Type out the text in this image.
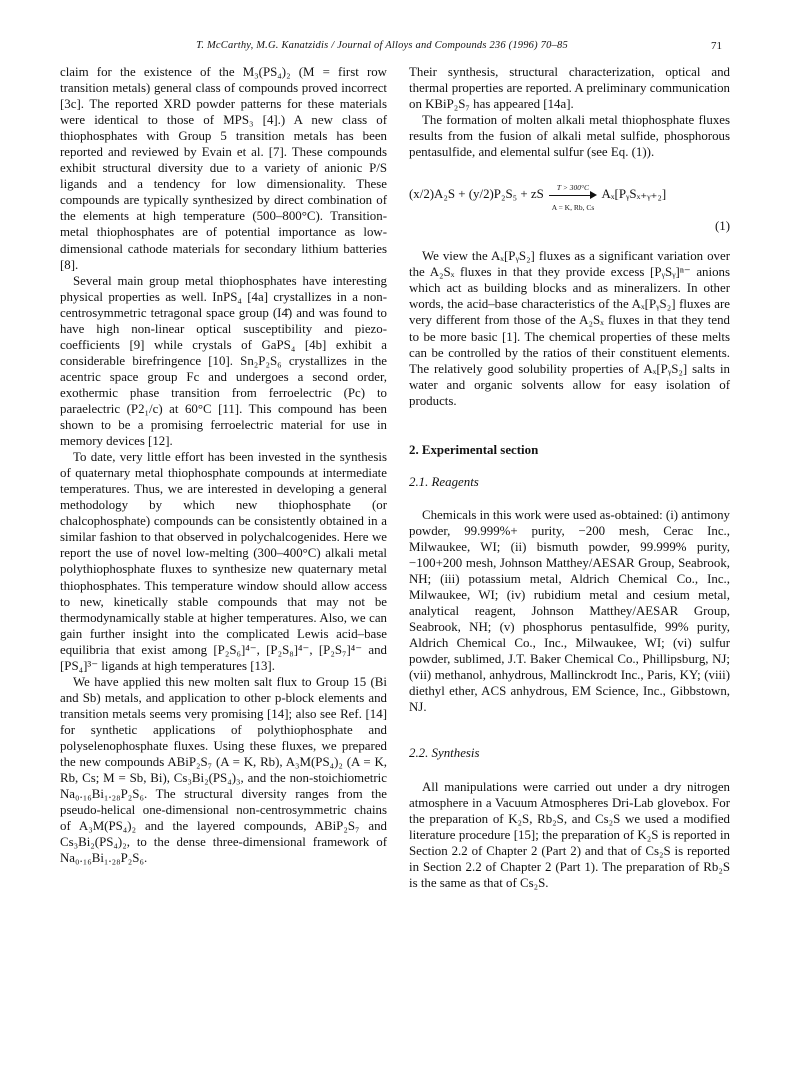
T. McCarthy, M.G. Kanatzidis / Journal of Alloys and Compounds 236 (1996) 70–85	71

claim for the existence of the M₃(PS₄)₂ (M = first row transition metals) general class of compounds proved incorrect [3c]. The reported XRD powder patterns for these materials were identical to those of MPS₃ [4].) A new class of thiophosphates with Group 5 transition metals has been reported and reviewed by Evain et al. [7]. These compounds exhibit structural diversity due to a variety of anionic P/S ligands and a tendency for low dimensionality. These compounds are typically synthesized by direct combination of the elements at high temperature (500–800°C). Transition-metal thiophosphates are of potential importance as low-dimensional cathode materials for secondary lithium batteries [8].

Several main group metal thiophosphates have interesting physical properties as well. InPS₄ [4a] crystallizes in a non-centrosymmetric tetragonal space group (I4̄) and was found to have high non-linear optical susceptibility and piezo-coefficients [9] while crystals of GaPS₄ [4b] exhibit a considerable birefringence [10]. Sn₂P₂S₆ crystallizes in the acentric space group Fc and undergoes a second order, exothermic phase transition from ferroelectric (Pc) to paraelectric (P2₁/c) at 60°C [11]. This compound has been shown to be a promising ferroelectric material for use in memory devices [12].

To date, very little effort has been invested in the synthesis of quaternary metal thiophosphate compounds at intermediate temperatures. Thus, we are interested in developing a general methodology by which new thiophosphate (or chalcophosphate) compounds can be consistently obtained in a similar fashion to that observed in polychalcogenides. Here we report the use of novel low-melting (300–400°C) alkali metal polythiophosphate fluxes to synthesize new quaternary metal thiophosphates. This temperature window should allow access to new, kinetically stable compounds that may not be thermodynamically stable at higher temperatures. Also, we can gain further insight into the complicated Lewis acid–base equilibria that exist among [P₂S₆]⁴⁻, [P₂S₈]⁴⁻, [P₂S₇]⁴⁻ and [PS₄]³⁻ ligands at high temperatures [13].

We have applied this new molten salt flux to Group 15 (Bi and Sb) metals, and application to other p-block elements and transition metals seems very promising [14]; also see Ref. [14] for synthetic applications of polythiophosphate and polyselenophosphate fluxes. Using these fluxes, we prepared the new compounds ABiP₂S₇ (A = K, Rb), A₃M(PS₄)₂ (A = K, Rb, Cs; M = Sb, Bi), Cs₃Bi₂(PS₄)₃, and the non-stoichiometric Na₀.₁₆Bi₁.₂₈P₂S₆. The structural diversity ranges from the pseudo-helical one-dimensional non-centrosymmetric chains of A₃M(PS₄)₂ and the layered compounds, ABiP₂S₇ and Cs₃Bi₂(PS₄)₂, to the dense three-dimensional framework of Na₀.₁₆Bi₁.₂₈P₂S₆.

Their synthesis, structural characterization, optical and thermal properties are reported. A preliminary communication on KBiP₂S₇ has appeared [14a].

The formation of molten alkali metal thiophosphate fluxes results from the fusion of alkali metal sulfide, phosphorous pentasulfide, and elemental sulfur (see Eq. (1)).

(x/2)A₂S + (y/2)P₂S₅ + zS $\frac{T > 300^\circ C}{A = K, Rb, Cs}$ Aₓ[PᵧSₓ₊ᵧ₊₂]
(1)

We view the Aₓ[PᵧS₂] fluxes as a significant variation over the A₂Sₓ fluxes in that they provide excess [PᵧSᵧ]ⁿ⁻ anions which act as building blocks and as mineralizers. In other words, the acid–base characteristics of the Aₓ[PᵧS₂] fluxes are very different from those of the A₂Sₓ fluxes in that they tend to be more basic [1]. The chemical properties of these melts can be controlled by the ratios of their constituent elements. The relatively good solubility properties of Aₓ[PᵧS₂] salts in water and organic solvents allow for easy isolation of products.

2. Experimental section
2.1. Reagents

Chemicals in this work were used as-obtained: (i) antimony powder, 99.999%+ purity, −200 mesh, Cerac Inc., Milwaukee, WI; (ii) bismuth powder, 99.999% purity, −100+200 mesh, Johnson Matthey/AESAR Group, Seabrook, NH; (iii) potassium metal, Aldrich Chemical Co., Inc., Milwaukee, WI; (iv) rubidium metal and cesium metal, analytical reagent, Johnson Matthey/AESAR Group, Seabrook, NH; (v) phosphorus pentasulfide, 99% purity, Aldrich Chemical Co., Inc., Milwaukee, WI; (vi) sulfur powder, sublimed, J.T. Baker Chemical Co., Phillipsburg, NJ; (vii) methanol, anhydrous, Mallinckrodt Inc., Paris, KY; (viii) diethyl ether, ACS anhydrous, EM Science, Inc., Gibbstown, NJ.

2.2. Synthesis

All manipulations were carried out under a dry nitrogen atmosphere in a Vacuum Atmospheres Dri-Lab glovebox. For the preparation of K₂S, Rb₂S, and Cs₂S we used a modified literature procedure [15]; the preparation of K₂S is reported in Section 2.2 of Chapter 2 (Part 2) and that of Cs₂S is reported in Section 2.2 of Chapter 2 (Part 1). The preparation of Rb₂S is the same as that of Cs₂S.
